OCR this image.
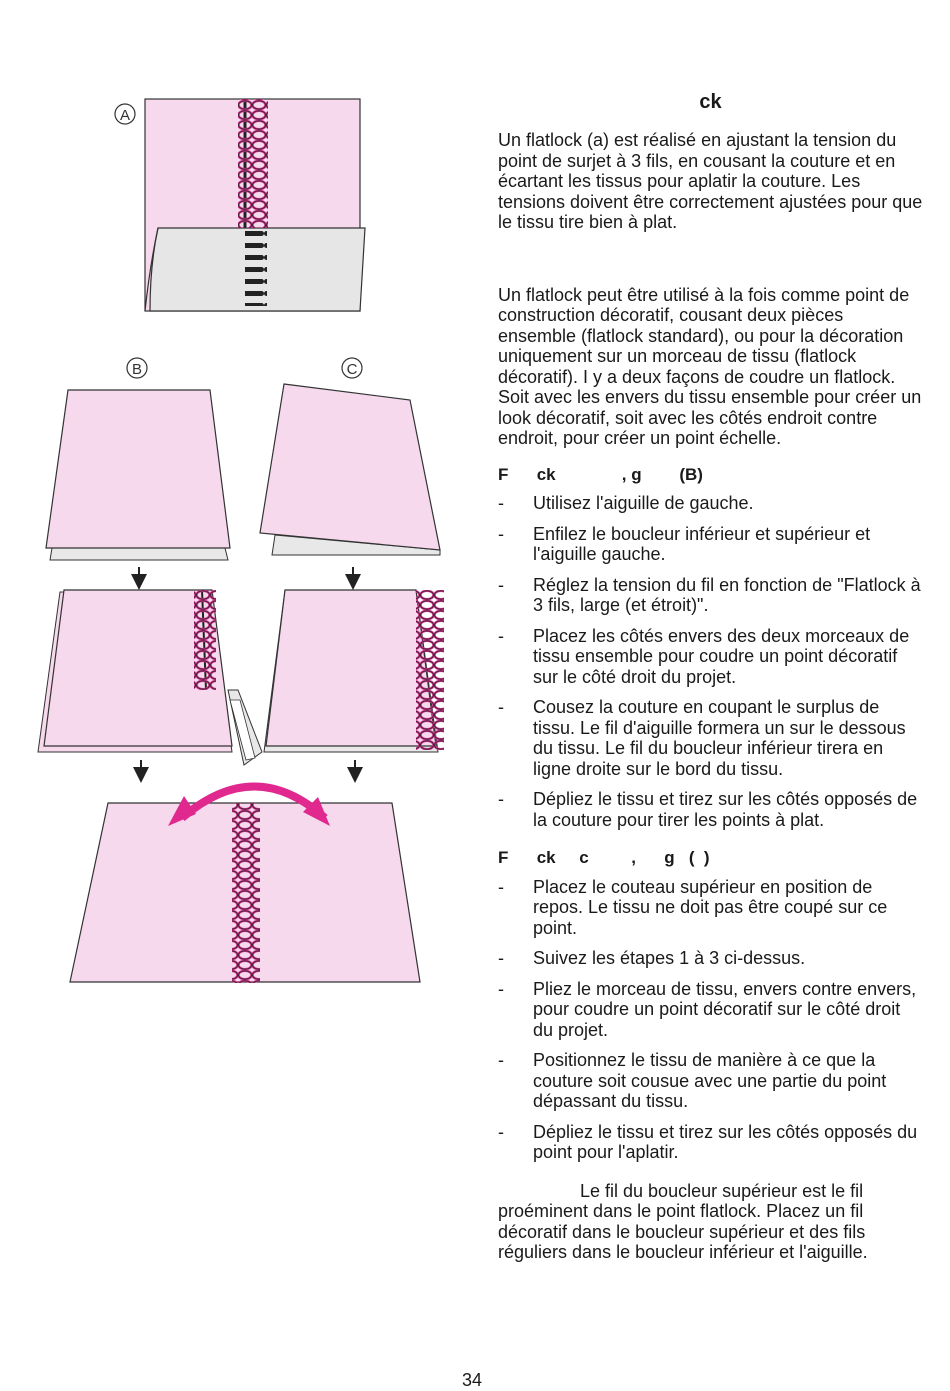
A
B	C
ck

Un flatlock (a) est réalisé en ajustant la tension du point de surjet à 3 fils, en cousant la couture et en écartant les tissus pour aplatir la couture. Les tensions doivent être correctement ajustées pour que le tissu tire bien à plat.

Un flatlock peut être utilisé à la fois comme point de construction décoratif, cousant deux pièces ensemble (flatlock standard), ou pour la décoration uniquement sur un morceau de tissu (flatlock décoratif). I y a deux façons de coudre un flatlock. Soit avec les envers du tissu ensemble pour créer un look décoratif, soit avec les côtés endroit contre endroit, pour créer un point échelle.

F      ck              , g        (B)
- Utilisez l'aiguille de gauche.
- Enfilez le boucleur inférieur et supérieur et l'aiguille gauche.
- Réglez la tension du fil en fonction de "Flatlock à 3 fils, large (et étroit)".
- Placez les côtés envers des deux morceaux de tissu ensemble pour coudre un point décoratif sur le côté droit du projet.
- Cousez la couture en coupant le surplus de tissu. Le fil d'aiguille formera un sur le dessous du tissu. Le fil du boucleur inférieur tirera en ligne droite sur le bord du tissu.
- Dépliez le tissu et tirez sur les côtés opposés de la couture pour tirer les points à plat.
F      ck     c         ,      g   (  )
- Placez le couteau supérieur en position de repos. Le tissu ne doit pas être coupé sur ce point.
- Suivez les étapes 1 à 3 ci-dessus.
- Pliez le morceau de tissu, envers contre envers, pour coudre un point décoratif sur le côté droit du projet.
- Positionnez le tissu de manière à ce que la couture soit cousue avec une partie du point dépassant du tissu.
- Dépliez le tissu et tirez sur les côtés opposés du point pour l'aplatir.

Le fil du boucleur supérieur est le fil proéminent dans le point flatlock. Placez un fil décoratif dans le boucleur supérieur et des fils réguliers dans le boucleur inférieur et l'aiguille.

34
